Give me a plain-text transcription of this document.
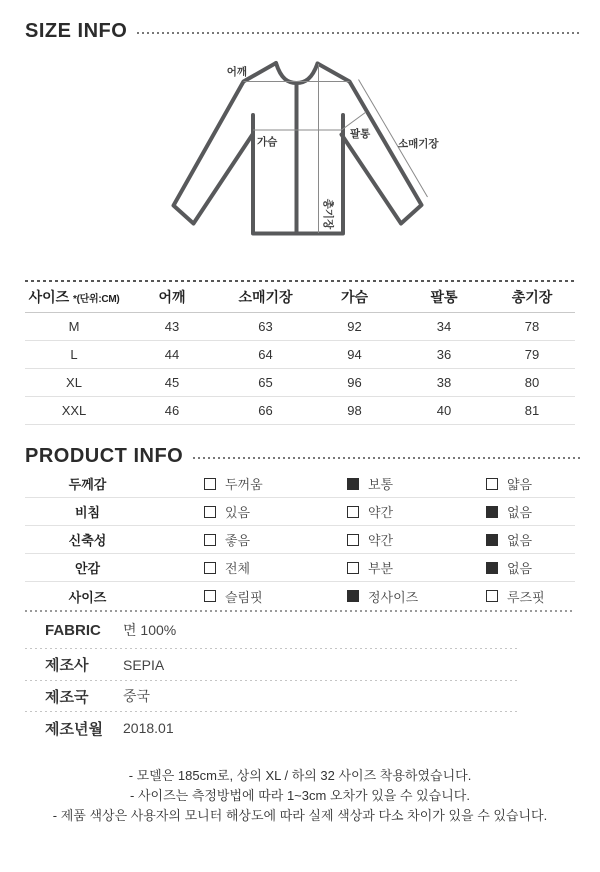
SIZE INFO
어깨
가슴
팔통
소매기장
총기장
사이즈 *(단위:CM)	어깨	소매기장	가슴	팔통	총기장
M	43	63	92	34	78
L	44	64	94	36	79
XL	45	65	96	38	80
XXL	46	66	98	40	81
PRODUCT INFO
두께감	두꺼움	보통	얇음
비침	있음	약간	없음
신축성	좋음	약간	없음
안감	전체	부분	없음
사이즈	슬림핏	정사이즈	루즈핏
FABRIC 면 100%
제조사	SEPIA
제조국	중국
제조년월 2018.01
- 모델은 185cm로, 상의 XL / 하의 32 사이즈 착용하였습니다.
- 사이즈는 측정방법에 따라 1~3cm 오차가 있을 수 있습니다.
- 제품 색상은 사용자의 모니터 해상도에 따라 실제 색상과 다소 차이가 있을 수 있습니다.
